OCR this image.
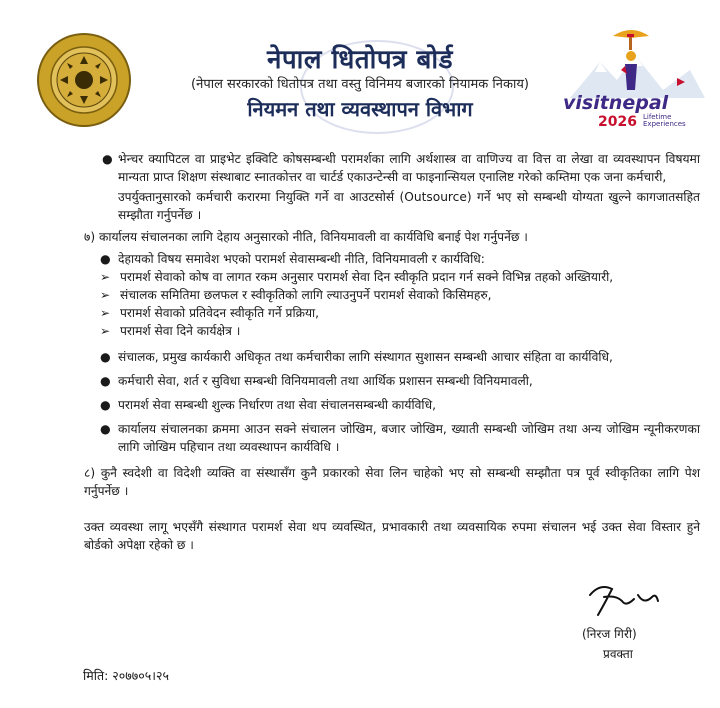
नेपाल धितोपत्र बोर्ड
(नेपाल सरकारको धितोपत्र तथा वस्तु विनिमय बजारको नियामक निकाय)
नियमन तथा व्यवस्थापन विभाग	visitnepal
2026 Lifetime
Experiences

● भेन्चर क्यापिटल वा प्राइभेट इक्विटि कोषसम्बन्धी परामर्शका लागि अर्थशास्त्र वा वाणिज्य वा वित्त वा लेखा वा व्यवस्थापन विषयमा मान्यता प्राप्त शिक्षण संस्थाबाट स्नातकोत्तर वा चार्टर्ड एकाउन्टेन्सी वा फाइनान्सियल एनालिष्ट गरेको कम्तिमा एक जना कर्मचारी,

उपर्युक्तानुसारको कर्मचारी करारमा नियुक्ति गर्ने वा आउटसोर्स (Outsource) गर्ने भए सो सम्बन्धी योग्यता खुल्ने कागजातसहित सम्झौता गर्नुपर्नेछ ।

७) कार्यालय संचालनका लागि देहाय अनुसारको नीति, विनियमावली वा कार्यविधि बनाई पेश गर्नुपर्नेछ ।

● देहायको विषय समावेश भएको परामर्श सेवासम्बन्धी नीति, विनियमावली र कार्यविधि:

➢ परामर्श सेवाको कोष वा लागत रकम अनुसार परामर्श सेवा दिन स्वीकृति प्रदान गर्न सक्ने विभिन्न तहको अख्तियारी,

➢ संचालक समितिमा छलफल र स्वीकृतिको लागि ल्याउनुपर्ने परामर्श सेवाको किसिमहरु,

➢ परामर्श सेवाको प्रतिवेदन स्वीकृति गर्ने प्रक्रिया,

➢ परामर्श सेवा दिने कार्यक्षेत्र ।

● संचालक, प्रमुख कार्यकारी अधिकृत तथा कर्मचारीका लागि संस्थागत सुशासन सम्बन्धी आचार संहिता वा कार्यविधि,

● कर्मचारी सेवा, शर्त र सुविधा सम्बन्धी विनियमावली तथा आर्थिक प्रशासन सम्बन्धी विनियमावली,

● परामर्श सेवा सम्बन्धी शुल्क निर्धारण तथा सेवा संचालनसम्बन्धी कार्यविधि,

● कार्यालय संचालनका क्रममा आउन सक्ने संचालन जोखिम, बजार जोखिम, ख्याती सम्बन्धी जोखिम तथा अन्य जोखिम न्यूनीकरणका लागि जोखिम पहिचान तथा व्यवस्थापन कार्यविधि ।

८) कुनै स्वदेशी वा विदेशी व्यक्ति वा संस्थासँग कुनै प्रकारको सेवा लिन चाहेको भए सो सम्बन्धी सम्झौता पत्र पूर्व स्वीकृतिका लागि पेश गर्नुपर्नेछ ।

उक्त व्यवस्था लागू भएसँगै संस्थागत परामर्श सेवा थप व्यवस्थित, प्रभावकारी तथा व्यवसायिक रुपमा संचालन भई उक्त सेवा विस्तार हुने बोर्डको अपेक्षा रहेको छ ।

(निरज गिरी)
प्रवक्ता
मिति: २०७७०५।२५
